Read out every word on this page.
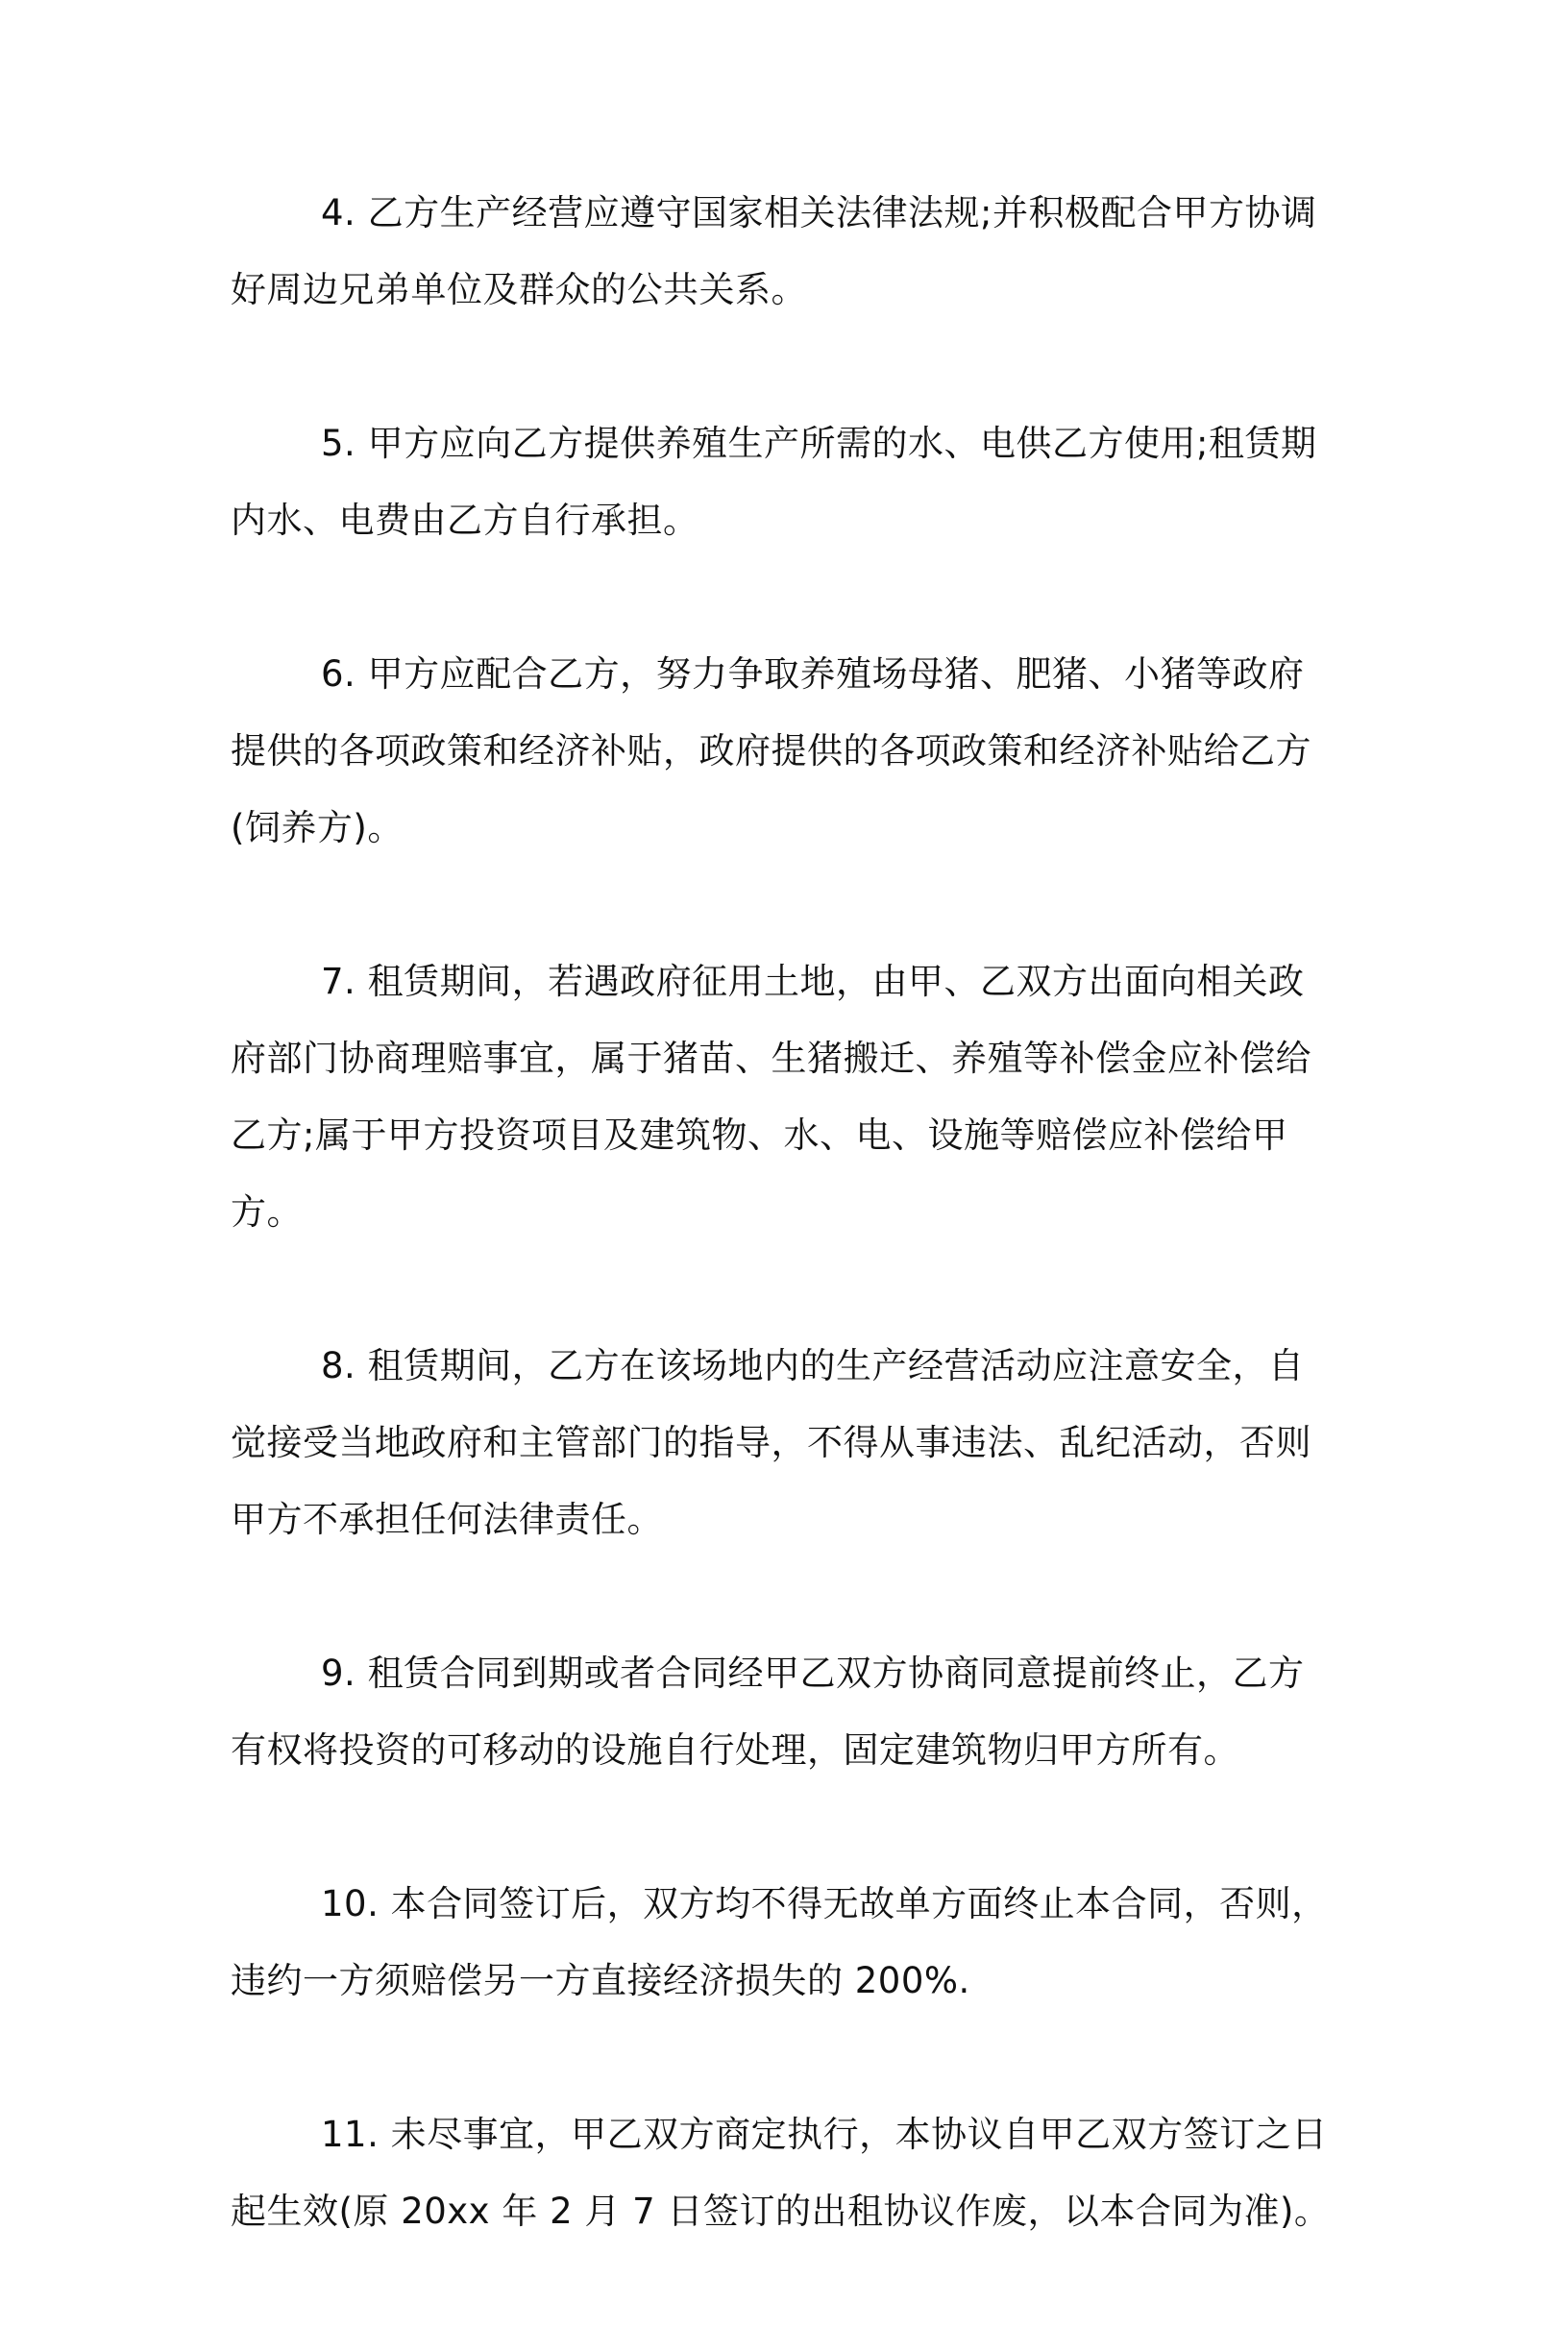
4. 乙方生产经营应遵守国家相关法律法规;并积极配合甲方协调好周边兄弟单位及群众的公共关系。

5. 甲方应向乙方提供养殖生产所需的水、电供乙方使用;租赁期内水、电费由乙方自行承担。

6. 甲方应配合乙方，努力争取养殖场母猪、肥猪、小猪等政府提供的各项政策和经济补贴，政府提供的各项政策和经济补贴给乙方(饲养方)。

7. 租赁期间，若遇政府征用土地，由甲、乙双方出面向相关政府部门协商理赔事宜，属于猪苗、生猪搬迁、养殖等补偿金应补偿给乙方;属于甲方投资项目及建筑物、水、电、设施等赔偿应补偿给甲方。

8. 租赁期间，乙方在该场地内的生产经营活动应注意安全，自觉接受当地政府和主管部门的指导，不得从事违法、乱纪活动，否则甲方不承担任何法律责任。

9. 租赁合同到期或者合同经甲乙双方协商同意提前终止，乙方有权将投资的可移动的设施自行处理，固定建筑物归甲方所有。

10. 本合同签订后，双方均不得无故单方面终止本合同，否则，违约一方须赔偿另一方直接经济损失的 200%.

11. 未尽事宜，甲乙双方商定执行，本协议自甲乙双方签订之日起生效(原 20xx 年 2 月 7 日签订的出租协议作废，以本合同为准)。
